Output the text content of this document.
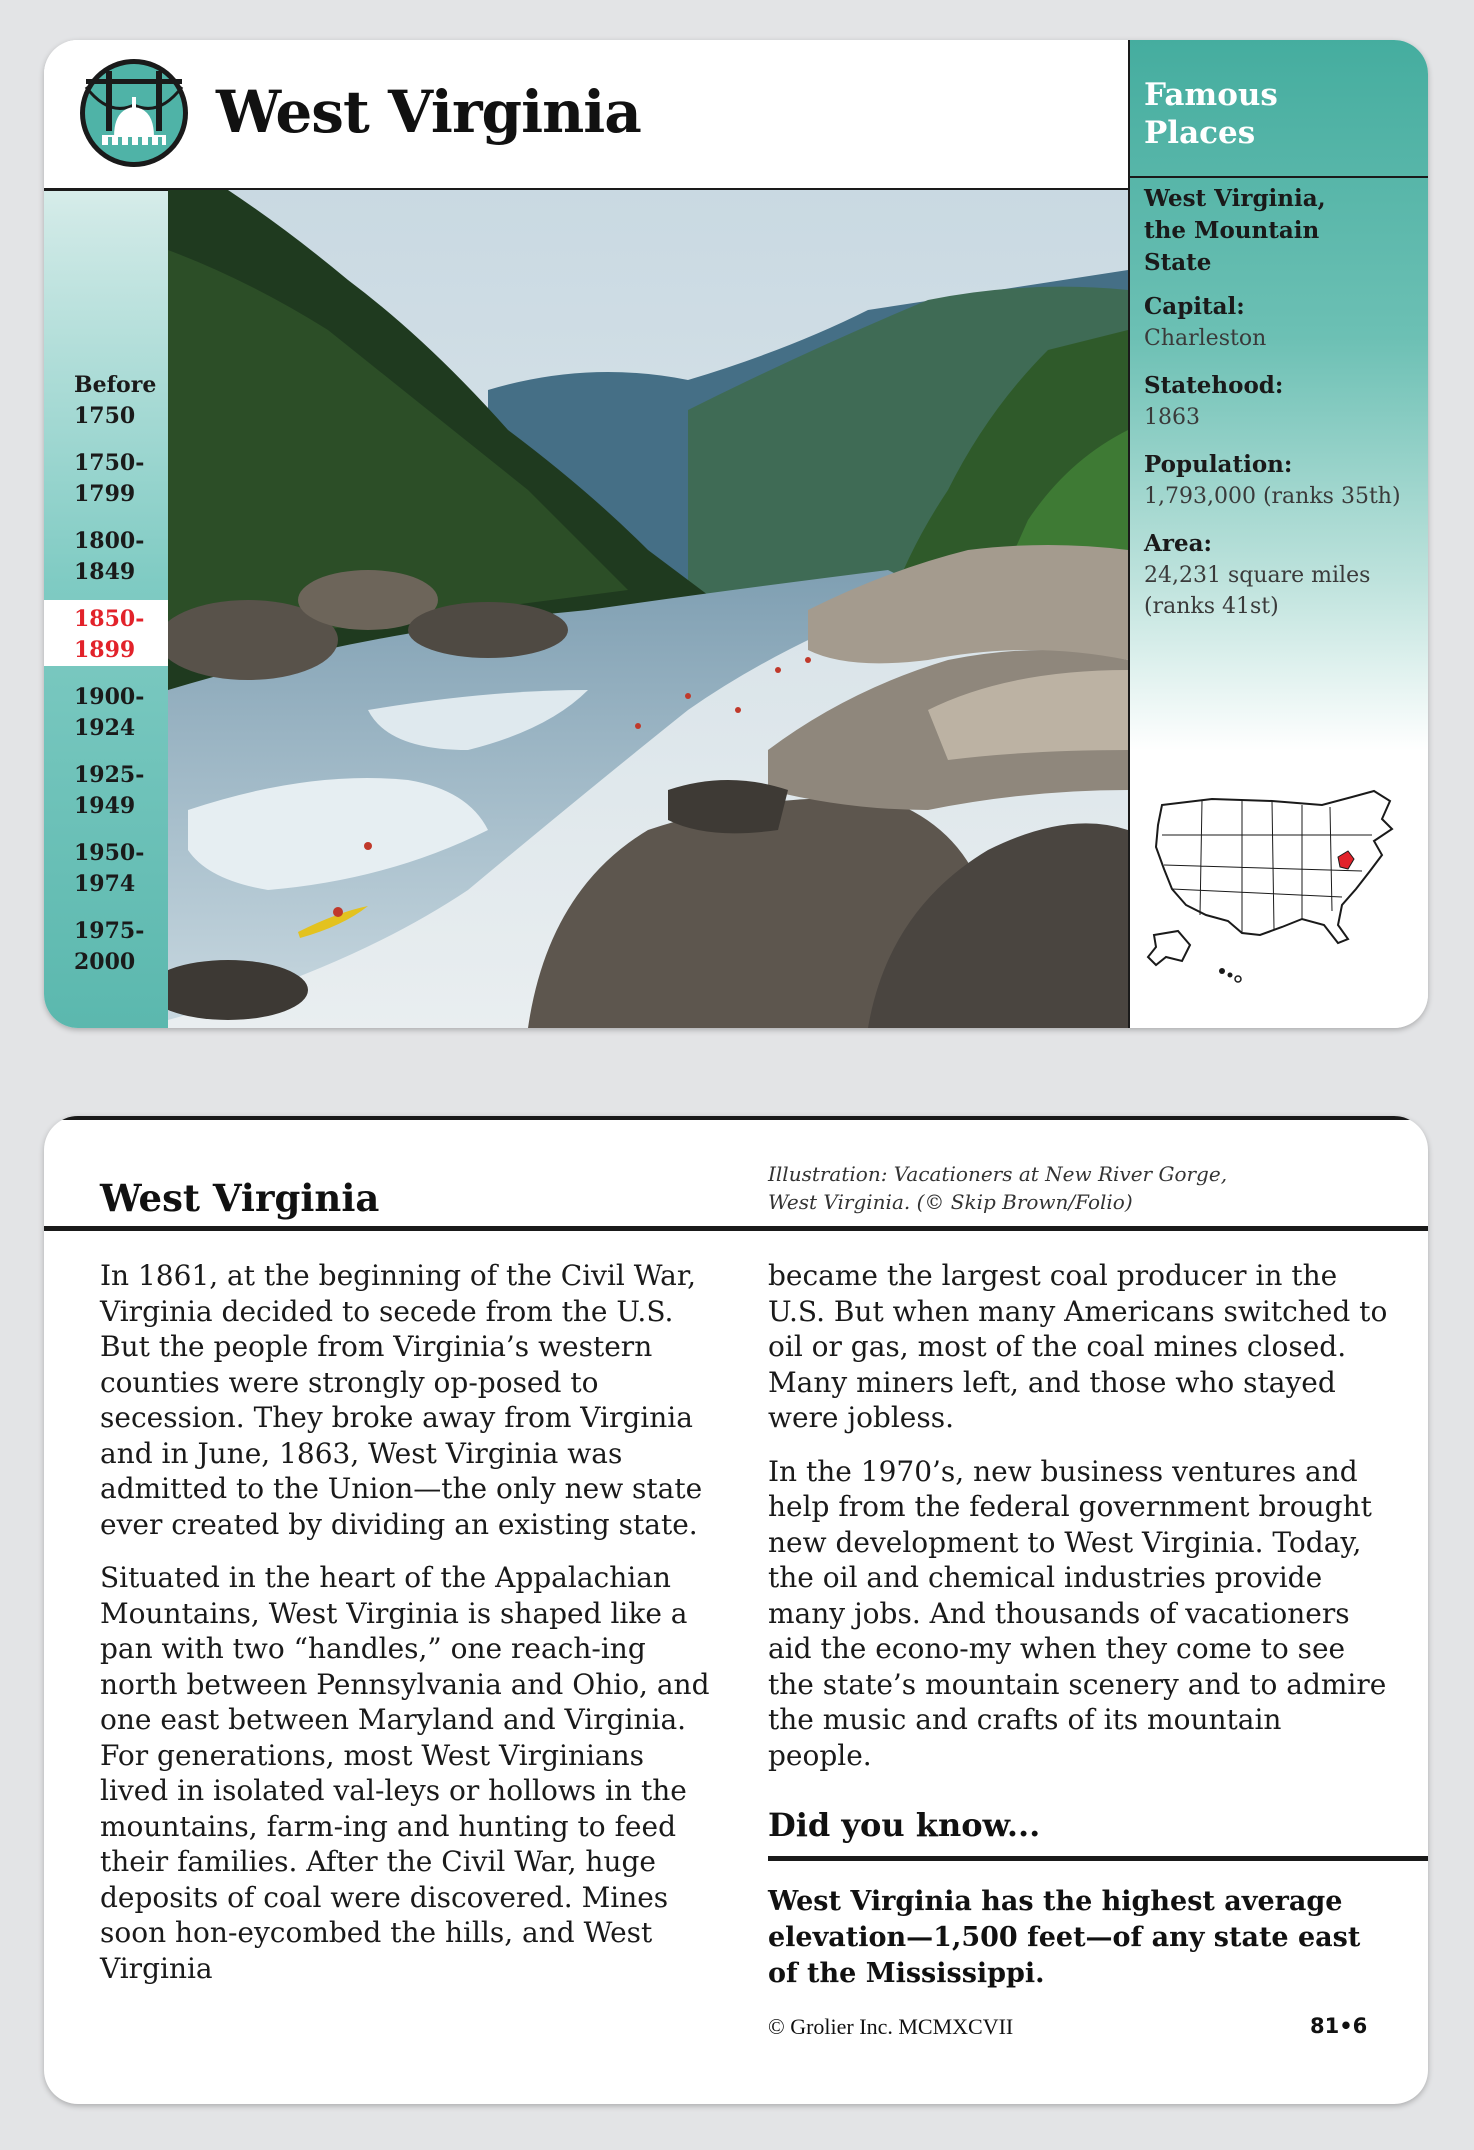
West Virginia
Before
1750
1750-
1799
1800-
1849
1850-
1899
1900-
1924
1925-
1949
1950-
1974
1975-
2000
Famous
Places
West Virginia,
the Mountain
State
Capital:
Charleston
Statehood:
1863
Population:
1,793,000 (ranks 35th)
Area:
24,231 square miles
(ranks 41st)
West Virginia
Illustration: Vacationers at New River Gorge,
West Virginia. (© Skip Brown/Folio)

In 1861, at the beginning of the Civil War, Virginia decided to secede from the U.S. But the people from Virginia’s western counties were strongly op-posed to secession. They broke away from Virginia and in June, 1863, West Virginia was admitted to the Union—the only new state ever created by dividing an existing state.

Situated in the heart of the Appalachian Mountains, West Virginia is shaped like a pan with two “handles,” one reach-ing north between Pennsylvania and Ohio, and one east between Maryland and Virginia. For generations, most West Virginians lived in isolated val-leys or hollows in the mountains, farm-ing and hunting to feed their families. After the Civil War, huge deposits of coal were discovered. Mines soon hon-eycombed the hills, and West Virginia

became the largest coal producer in the U.S. But when many Americans switched to oil or gas, most of the coal mines closed. Many miners left, and those who stayed were jobless.

In the 1970’s, new business ventures and help from the federal government brought new development to West Virginia. Today, the oil and chemical industries provide many jobs. And thousands of vacationers aid the econo-my when they come to see the state’s mountain scenery and to admire the music and crafts of its mountain people.

Did you know...
West Virginia has the highest average elevation—1,500 feet—of any state east of the Mississippi.
© Grolier Inc. MCMXCVII	81•6
